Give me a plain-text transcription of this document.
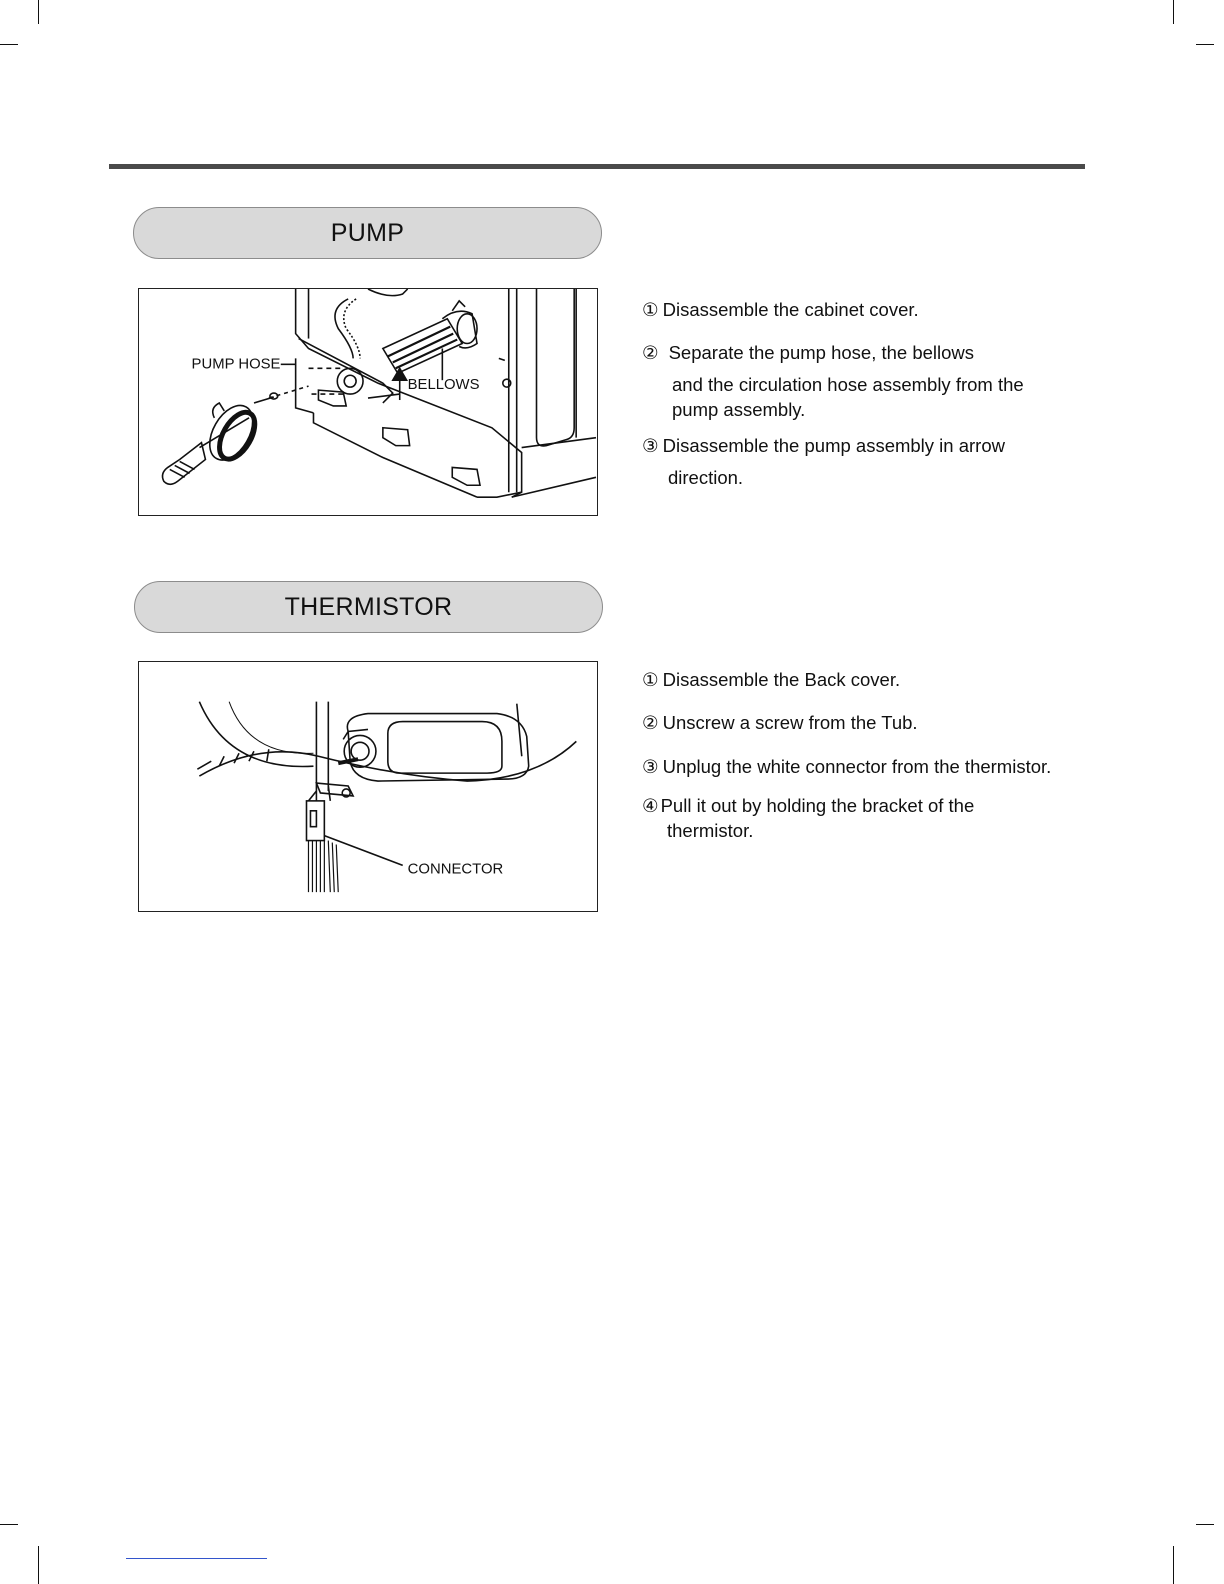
PUMP
PUMP HOSE
BELLOWS
① Disassemble the cabinet cover.
② Separate the pump hose, the bellows
and the circulation hose assembly from the
pump assembly.
③ Disassemble the pump assembly in arrow
direction.
THERMISTOR
CONNECTOR
① Disassemble the Back cover.
② Unscrew a screw from the Tub.
③ Unplug the white connector from the thermistor.
④ Pull it out by holding the bracket of the
thermistor.
